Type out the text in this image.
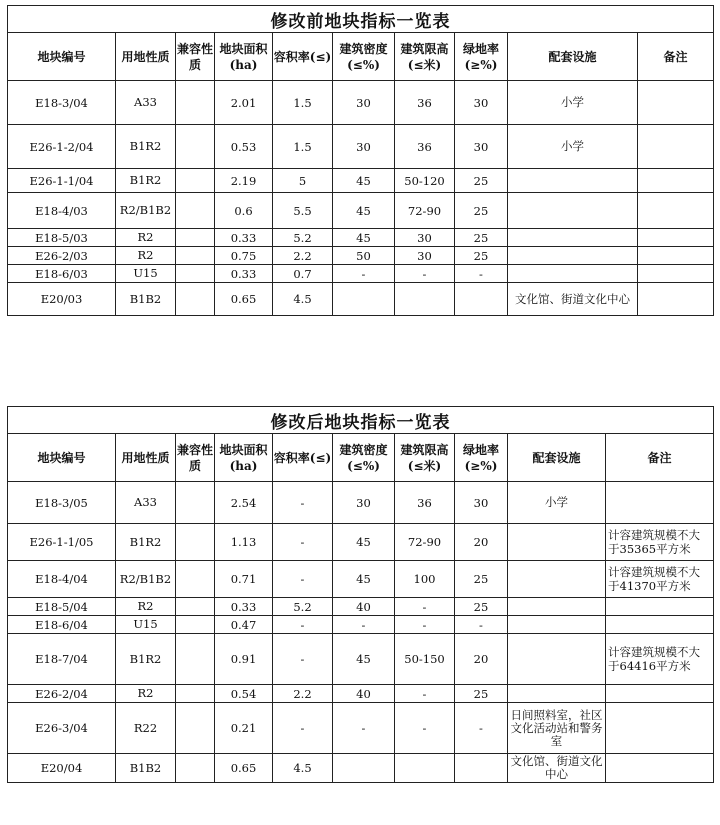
修改前地块指标一览表									
地块编号	用地性质	兼容性质	地块面积(ha)	容积率(≤)	建筑密度(≤%)	建筑限高(≤米)	绿地率(≥%)	配套设施	备注
E18-3/04	A33		2.01	1.5	30	36	30	小学	
E26-1-2/04	B1R2		0.53	1.5	30	36	30	小学	
E26-1-1/04	B1R2		2.19	5	45	50-120	25		
E18-4/03	R2/B1B2		0.6	5.5	45	72-90	25		
E18-5/03	R2		0.33	5.2	45	30	25		
E26-2/03	R2		0.75	2.2	50	30	25		
E18-6/03	U15		0.33	0.7	-	-	-		
E20/03	B1B2		0.65	4.5				文化馆、街道文化中心	
修改后地块指标一览表									
地块编号	用地性质	兼容性质	地块面积(ha)	容积率(≤)	建筑密度(≤%)	建筑限高(≤米)	绿地率(≥%)	配套设施	备注
E18-3/05	A33		2.54	-	30	36	30	小学	
E26-1-1/05	B1R2		1.13	-	45	72-90	20		计容建筑规模不大于35365平方米
E18-4/04	R2/B1B2		0.71	-	45	100	25		计容建筑规模不大于41370平方米
E18-5/04	R2		0.33	5.2	40	-	25		
E18-6/04	U15		0.47	-	-	-	-		
E18-7/04	B1R2		0.91	-	45	50-150	20		计容建筑规模不大于64416平方米
E26-2/04	R2		0.54	2.2	40	-	25		
E26-3/04	R22		0.21	-	-	-	-	日间照料室，社区文化活动站和警务室	
E20/04	B1B2		0.65	4.5				文化馆、街道文化中心	
